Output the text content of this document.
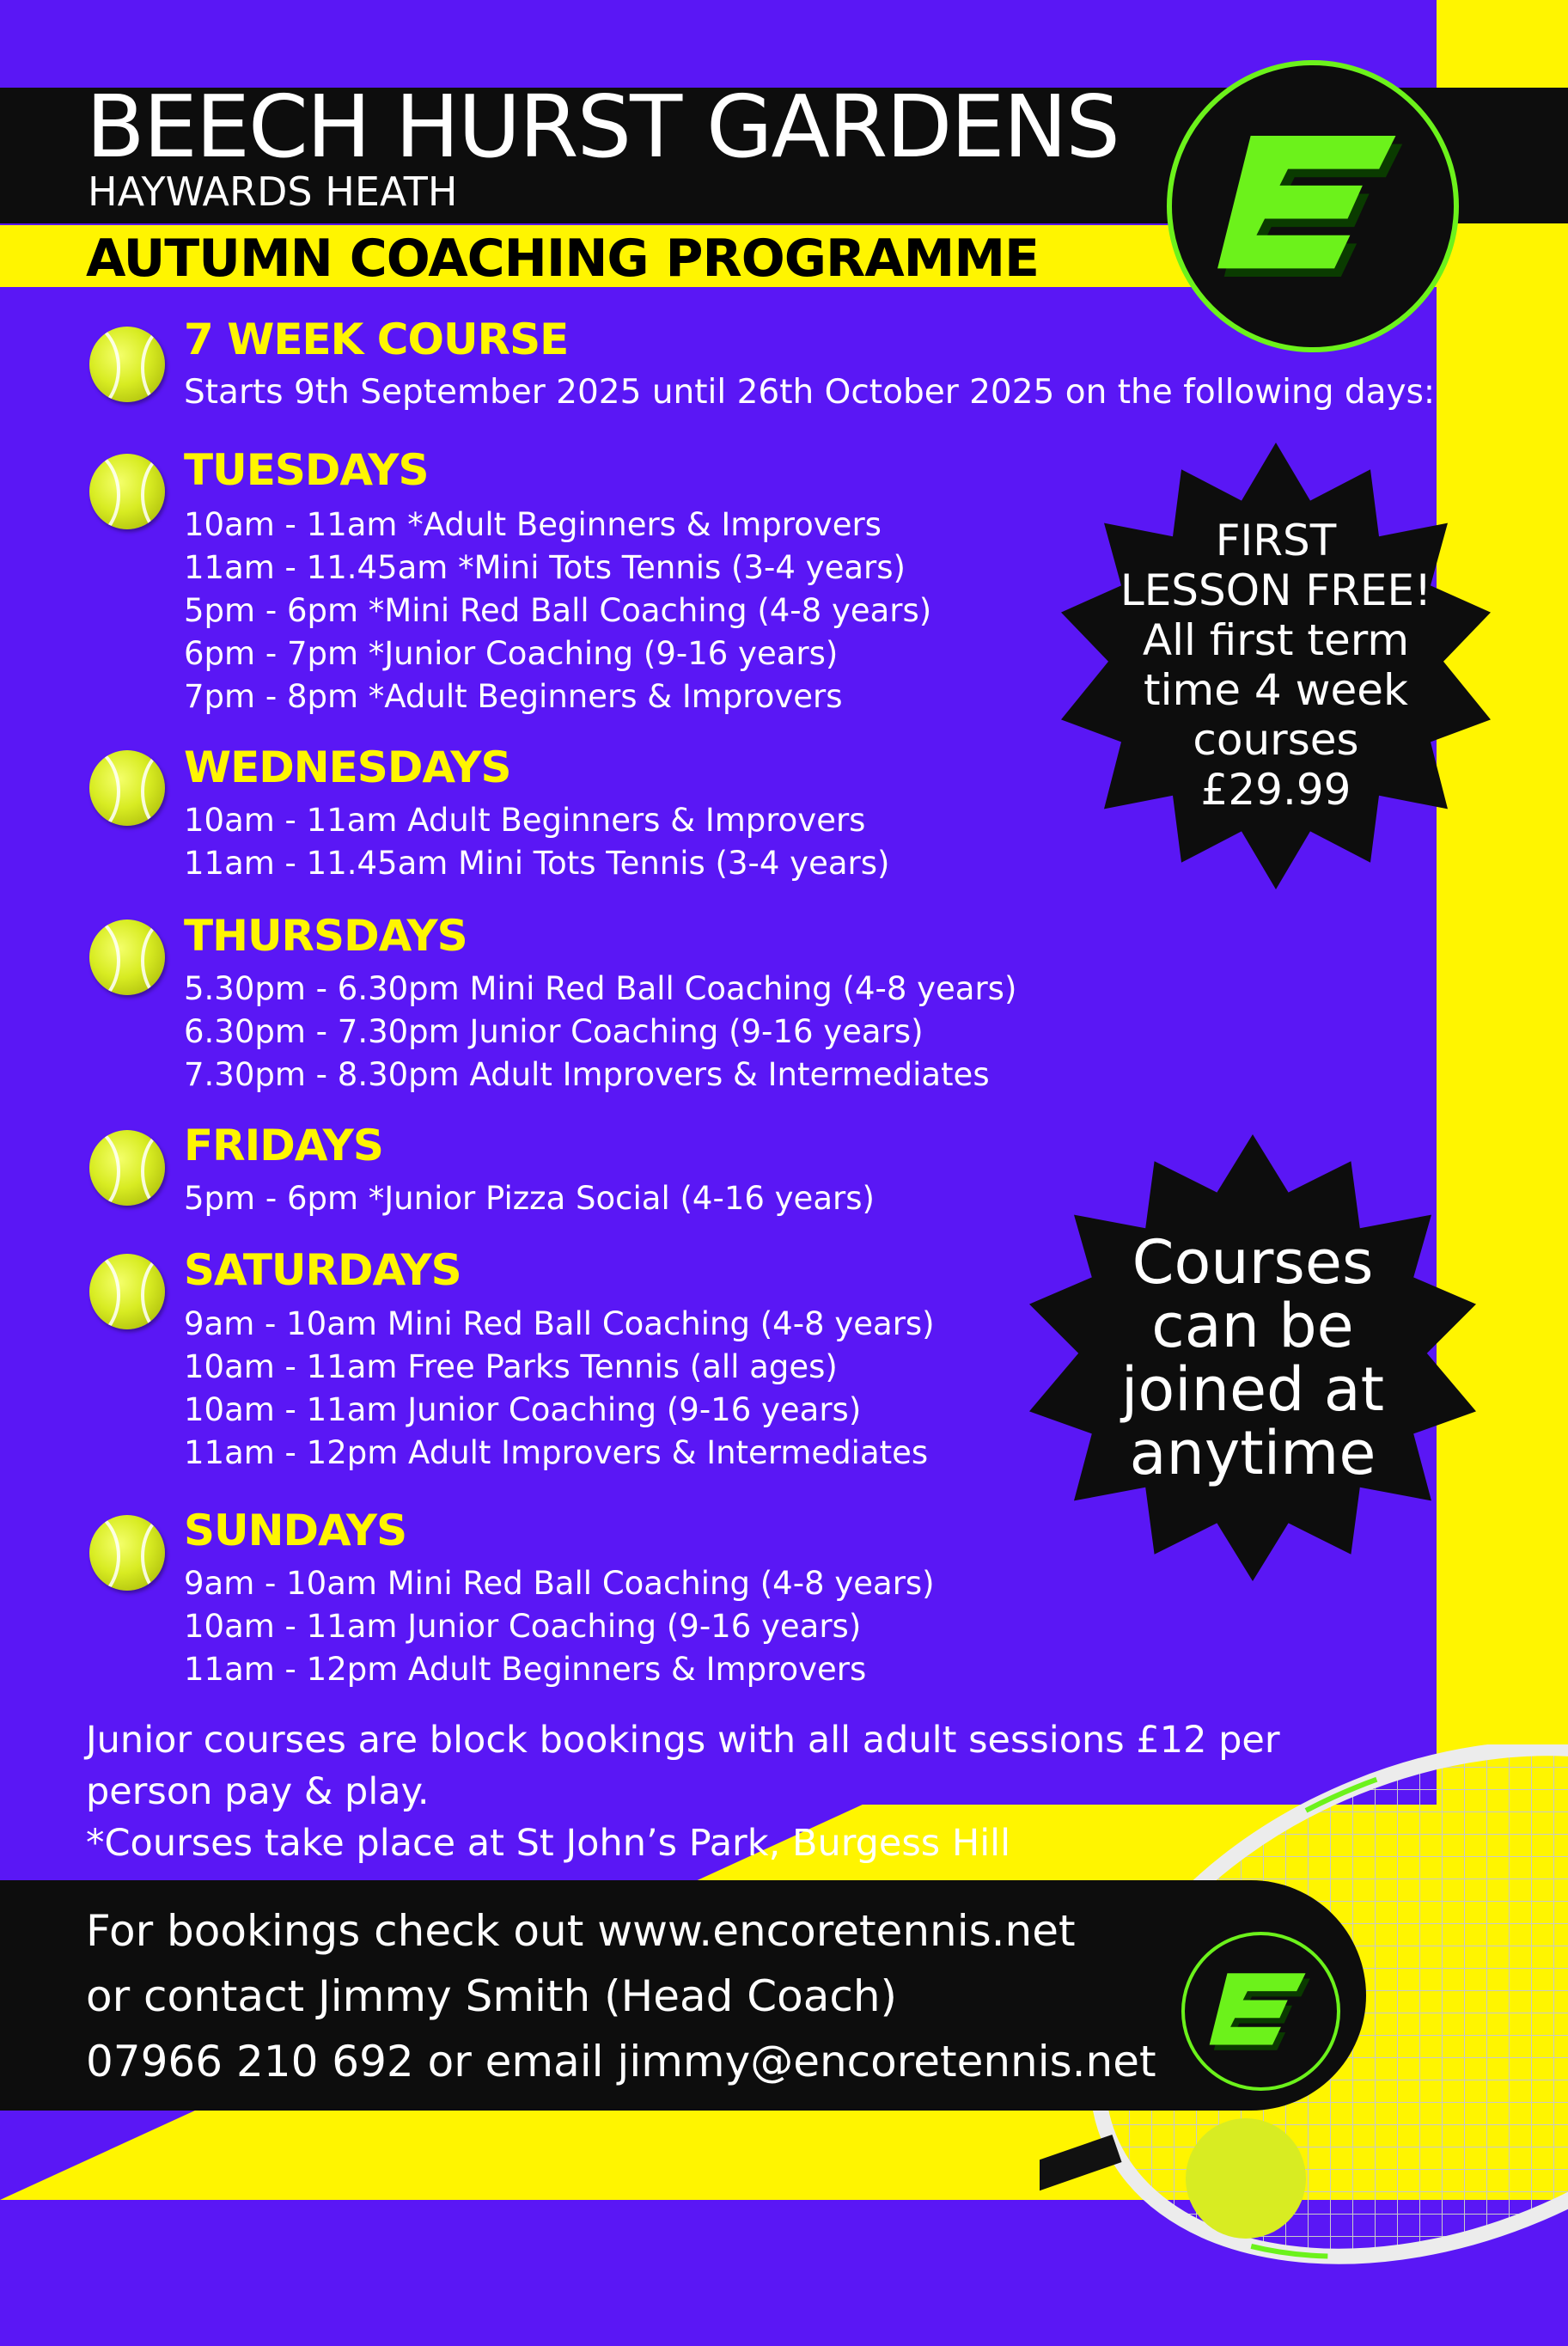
BEECH HURST GARDENS
HAYWARDS HEATH
AUTUMN COACHING PROGRAMME
7 WEEK COURSE
Starts 9th September 2025 until 26th October 2025 on the following days:
TUESDAYS
10am - 11am *Adult Beginners & Improvers
11am - 11.45am *Mini Tots Tennis (3-4 years)
5pm - 6pm *Mini Red Ball Coaching (4-8 years)
6pm - 7pm *Junior Coaching (9-16 years)
7pm - 8pm *Adult Beginners & Improvers
WEDNESDAYS
10am - 11am Adult Beginners & Improvers
11am - 11.45am Mini Tots Tennis (3-4 years)
THURSDAYS
5.30pm - 6.30pm Mini Red Ball Coaching (4-8 years)
6.30pm - 7.30pm Junior Coaching (9-16 years)
7.30pm - 8.30pm Adult Improvers & Intermediates
FRIDAYS
5pm - 6pm *Junior Pizza Social (4-16 years)
SATURDAYS
9am - 10am Mini Red Ball Coaching (4-8 years)
10am - 11am Free Parks Tennis (all ages)
10am - 11am Junior Coaching (9-16 years)
11am - 12pm Adult Improvers & Intermediates
SUNDAYS
9am - 10am Mini Red Ball Coaching (4-8 years)
10am - 11am Junior Coaching (9-16 years)
11am - 12pm Adult Beginners & Improvers
FIRST
LESSON FREE!
All first term
time 4 week
courses
£29.99
Courses
can be
joined at
anytime
Junior courses are block bookings with all adult sessions £12 per
person pay & play.
*Courses take place at St John’s Park, Burgess Hill
For bookings check out www.encoretennis.net
or contact Jimmy Smith (Head Coach)
07966 210 692 or email jimmy@encoretennis.net
